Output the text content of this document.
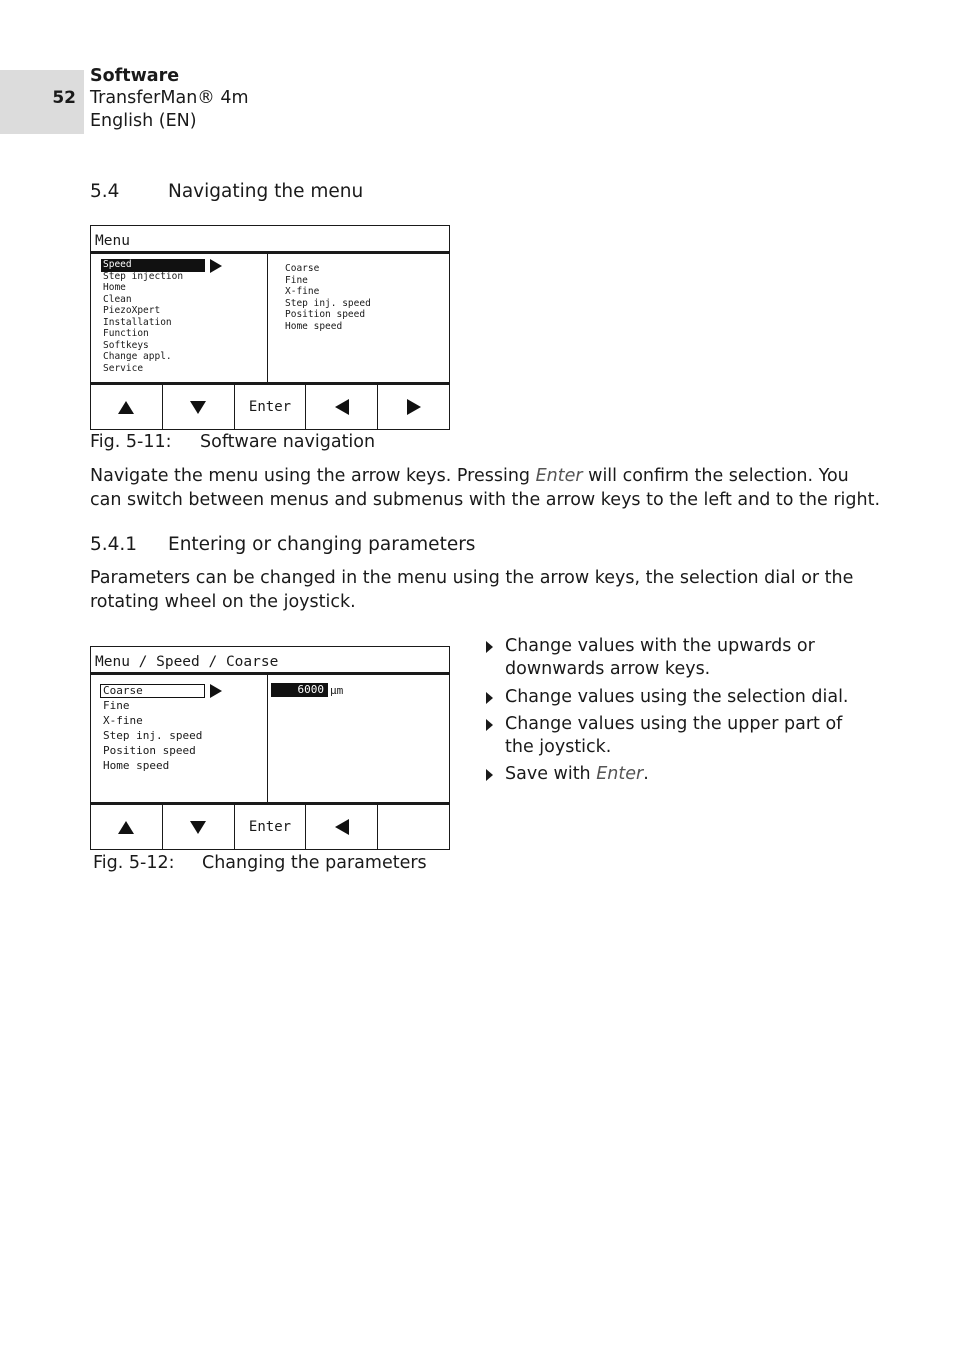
52
Software
TransferMan® 4m
English (EN)
5.4	Navigating the menu
Menu
Speed
Step injection
Home
Clean
PiezoXpert
Installation
Function
Softkeys
Change appl.
Service
Coarse
Fine
X-fine
Step inj. speed
Position speed
Home speed
Enter
Fig. 5-11: Software navigation
Navigate the menu using the arrow keys. Pressing Enter will confirm the selection. You can switch between menus and submenus with the arrow keys to the left and to the right.
5.4.1 Entering or changing parameters
Parameters can be changed in the menu using the arrow keys, the selection dial or the rotating wheel on the joystick.
Menu / Speed / Coarse
Coarse
Fine
X-fine
Step inj. speed
Position speed
Home speed
6000 µm
Enter
Fig. 5-12: Changing the parameters
Change values with the upwards or downwards arrow keys.
Change values using the selection dial.
Change values using the upper part of the joystick.
Save with Enter.
